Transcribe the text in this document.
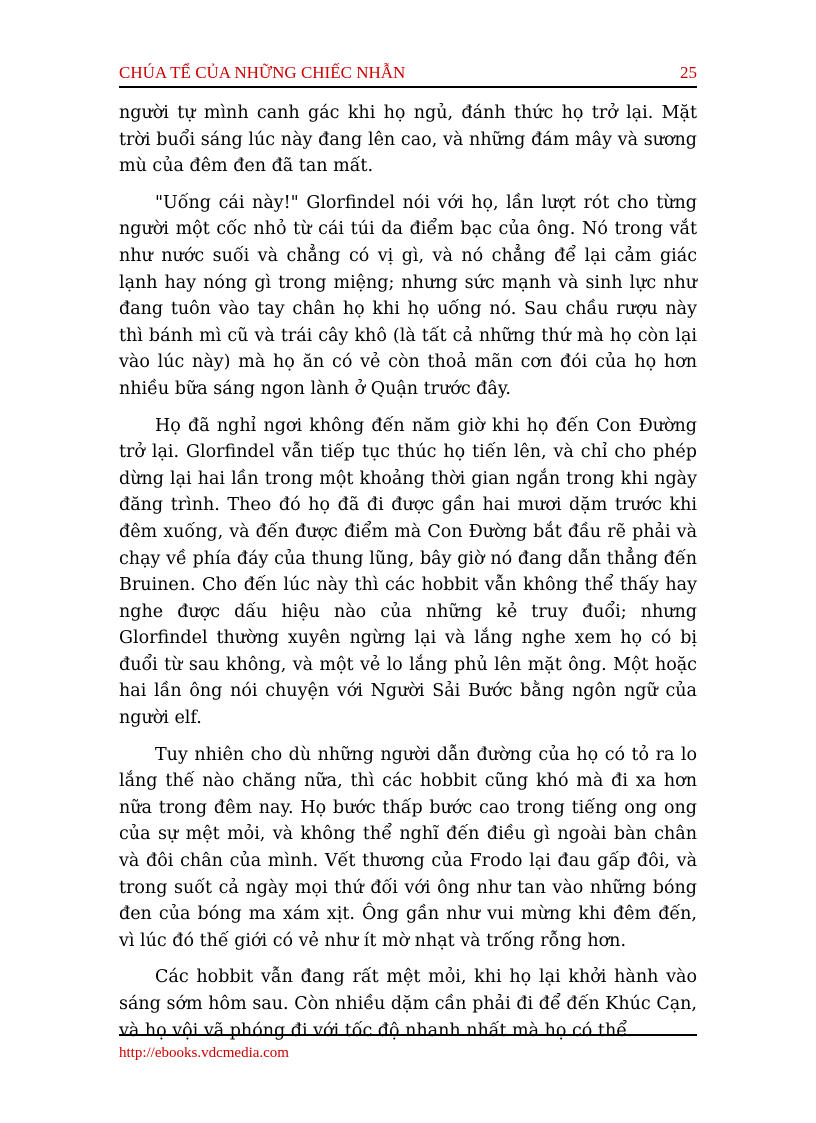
CHÚA TỂ CỦA NHỮNG CHIẾC NHẪN	25

người tự mình canh gác khi họ ngủ, đánh thức họ trở lại. Mặt trời buổi sáng lúc này đang lên cao, và những đám mây và sương mù của đêm đen đã tan mất.

"Uống cái này!" Glorfindel nói với họ, lần lượt rót cho từng người một cốc nhỏ từ cái túi da điểm bạc của ông. Nó trong vắt như nước suối và chẳng có vị gì, và nó chẳng để lại cảm giác lạnh hay nóng gì trong miệng; nhưng sức mạnh và sinh lực như đang tuôn vào tay chân họ khi họ uống nó. Sau chầu rượu này thì bánh mì cũ và trái cây khô (là tất cả những thứ mà họ còn lại vào lúc này) mà họ ăn có vẻ còn thoả mãn cơn đói của họ hơn nhiều bữa sáng ngon lành ở Quận trước đây.

Họ đã nghỉ ngơi không đến năm giờ khi họ đến Con Đường trở lại. Glorfindel vẫn tiếp tục thúc họ tiến lên, và chỉ cho phép dừng lại hai lần trong một khoảng thời gian ngắn trong khi ngày đăng trình. Theo đó họ đã đi được gần hai mươi dặm trước khi đêm xuống, và đến được điểm mà Con Đường bắt đầu rẽ phải và chạy về phía đáy của thung lũng, bây giờ nó đang dẫn thẳng đến Bruinen. Cho đến lúc này thì các hobbit vẫn không thể thấy hay nghe được dấu hiệu nào của những kẻ truy đuổi; nhưng Glorfindel thường xuyên ngừng lại và lắng nghe xem họ có bị đuổi từ sau không, và một vẻ lo lắng phủ lên mặt ông. Một hoặc hai lần ông nói chuyện với Người Sải Bước bằng ngôn ngữ của người elf.

Tuy nhiên cho dù những người dẫn đường của họ có tỏ ra lo lắng thế nào chăng nữa, thì các hobbit cũng khó mà đi xa hơn nữa trong đêm nay. Họ bước thấp bước cao trong tiếng ong ong của sự mệt mỏi, và không thể nghĩ đến điều gì ngoài bàn chân và đôi chân của mình. Vết thương của Frodo lại đau gấp đôi, và trong suốt cả ngày mọi thứ đối với ông như tan vào những bóng đen của bóng ma xám xịt. Ông gần như vui mừng khi đêm đến, vì lúc đó thế giới có vẻ như ít mờ nhạt và trống rỗng hơn.

Các hobbit vẫn đang rất mệt mỏi, khi họ lại khởi hành vào sáng sớm hôm sau. Còn nhiều dặm cần phải đi để đến Khúc Cạn, và họ vội vã phóng đi với tốc độ nhanh nhất mà họ có thể.

http://ebooks.vdcmedia.com
